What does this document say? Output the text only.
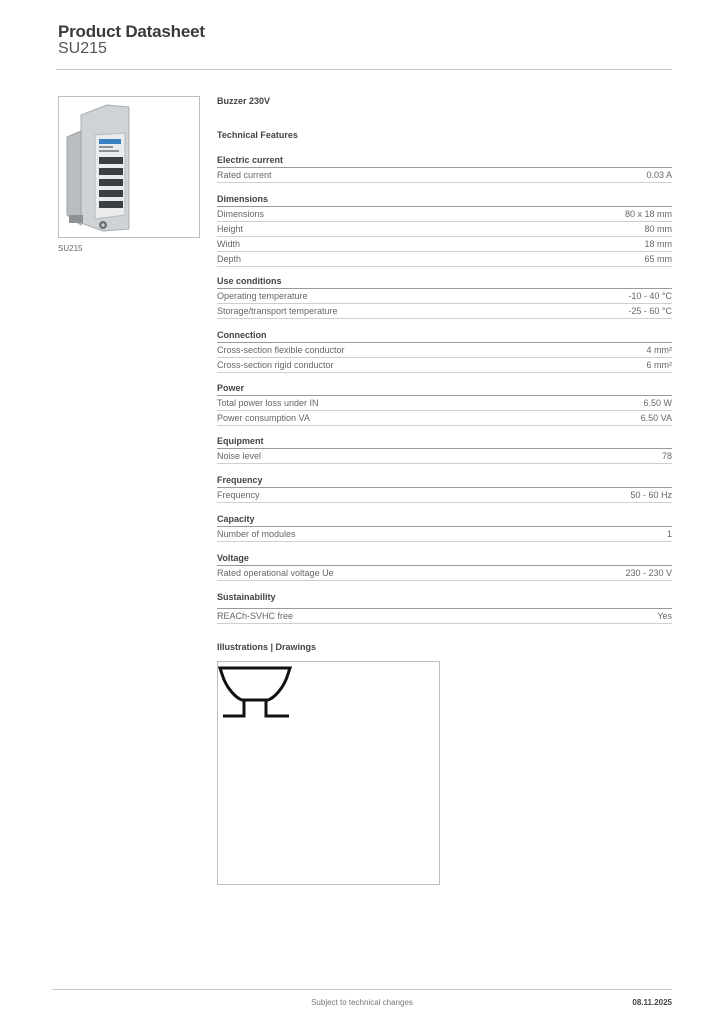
Product Datasheet
SU215
SU215
Buzzer 230V
Technical Features
Electric current
Rated current	0.03 A
Dimensions
Dimensions	80 x 18 mm
Height	80 mm
Width	18 mm
Depth	65 mm
Use conditions
Operating temperature	-10 - 40 °C
Storage/transport temperature	-25 - 60 °C
Connection
Cross-section flexible conductor	4 mm²
Cross-section rigid conductor	6 mm²
Power
Total power loss under IN	6.50 W
Power consumption VA	6.50 VA
Equipment
Noise level	78
Frequency
Frequency	50 - 60 Hz
Capacity
Number of modules	1
Voltage
Rated operational voltage Ue	230 - 230 V
Sustainability
REACh-SVHC free	Yes
Illustrations | Drawings
Subject to technical changes	08.11.2025
